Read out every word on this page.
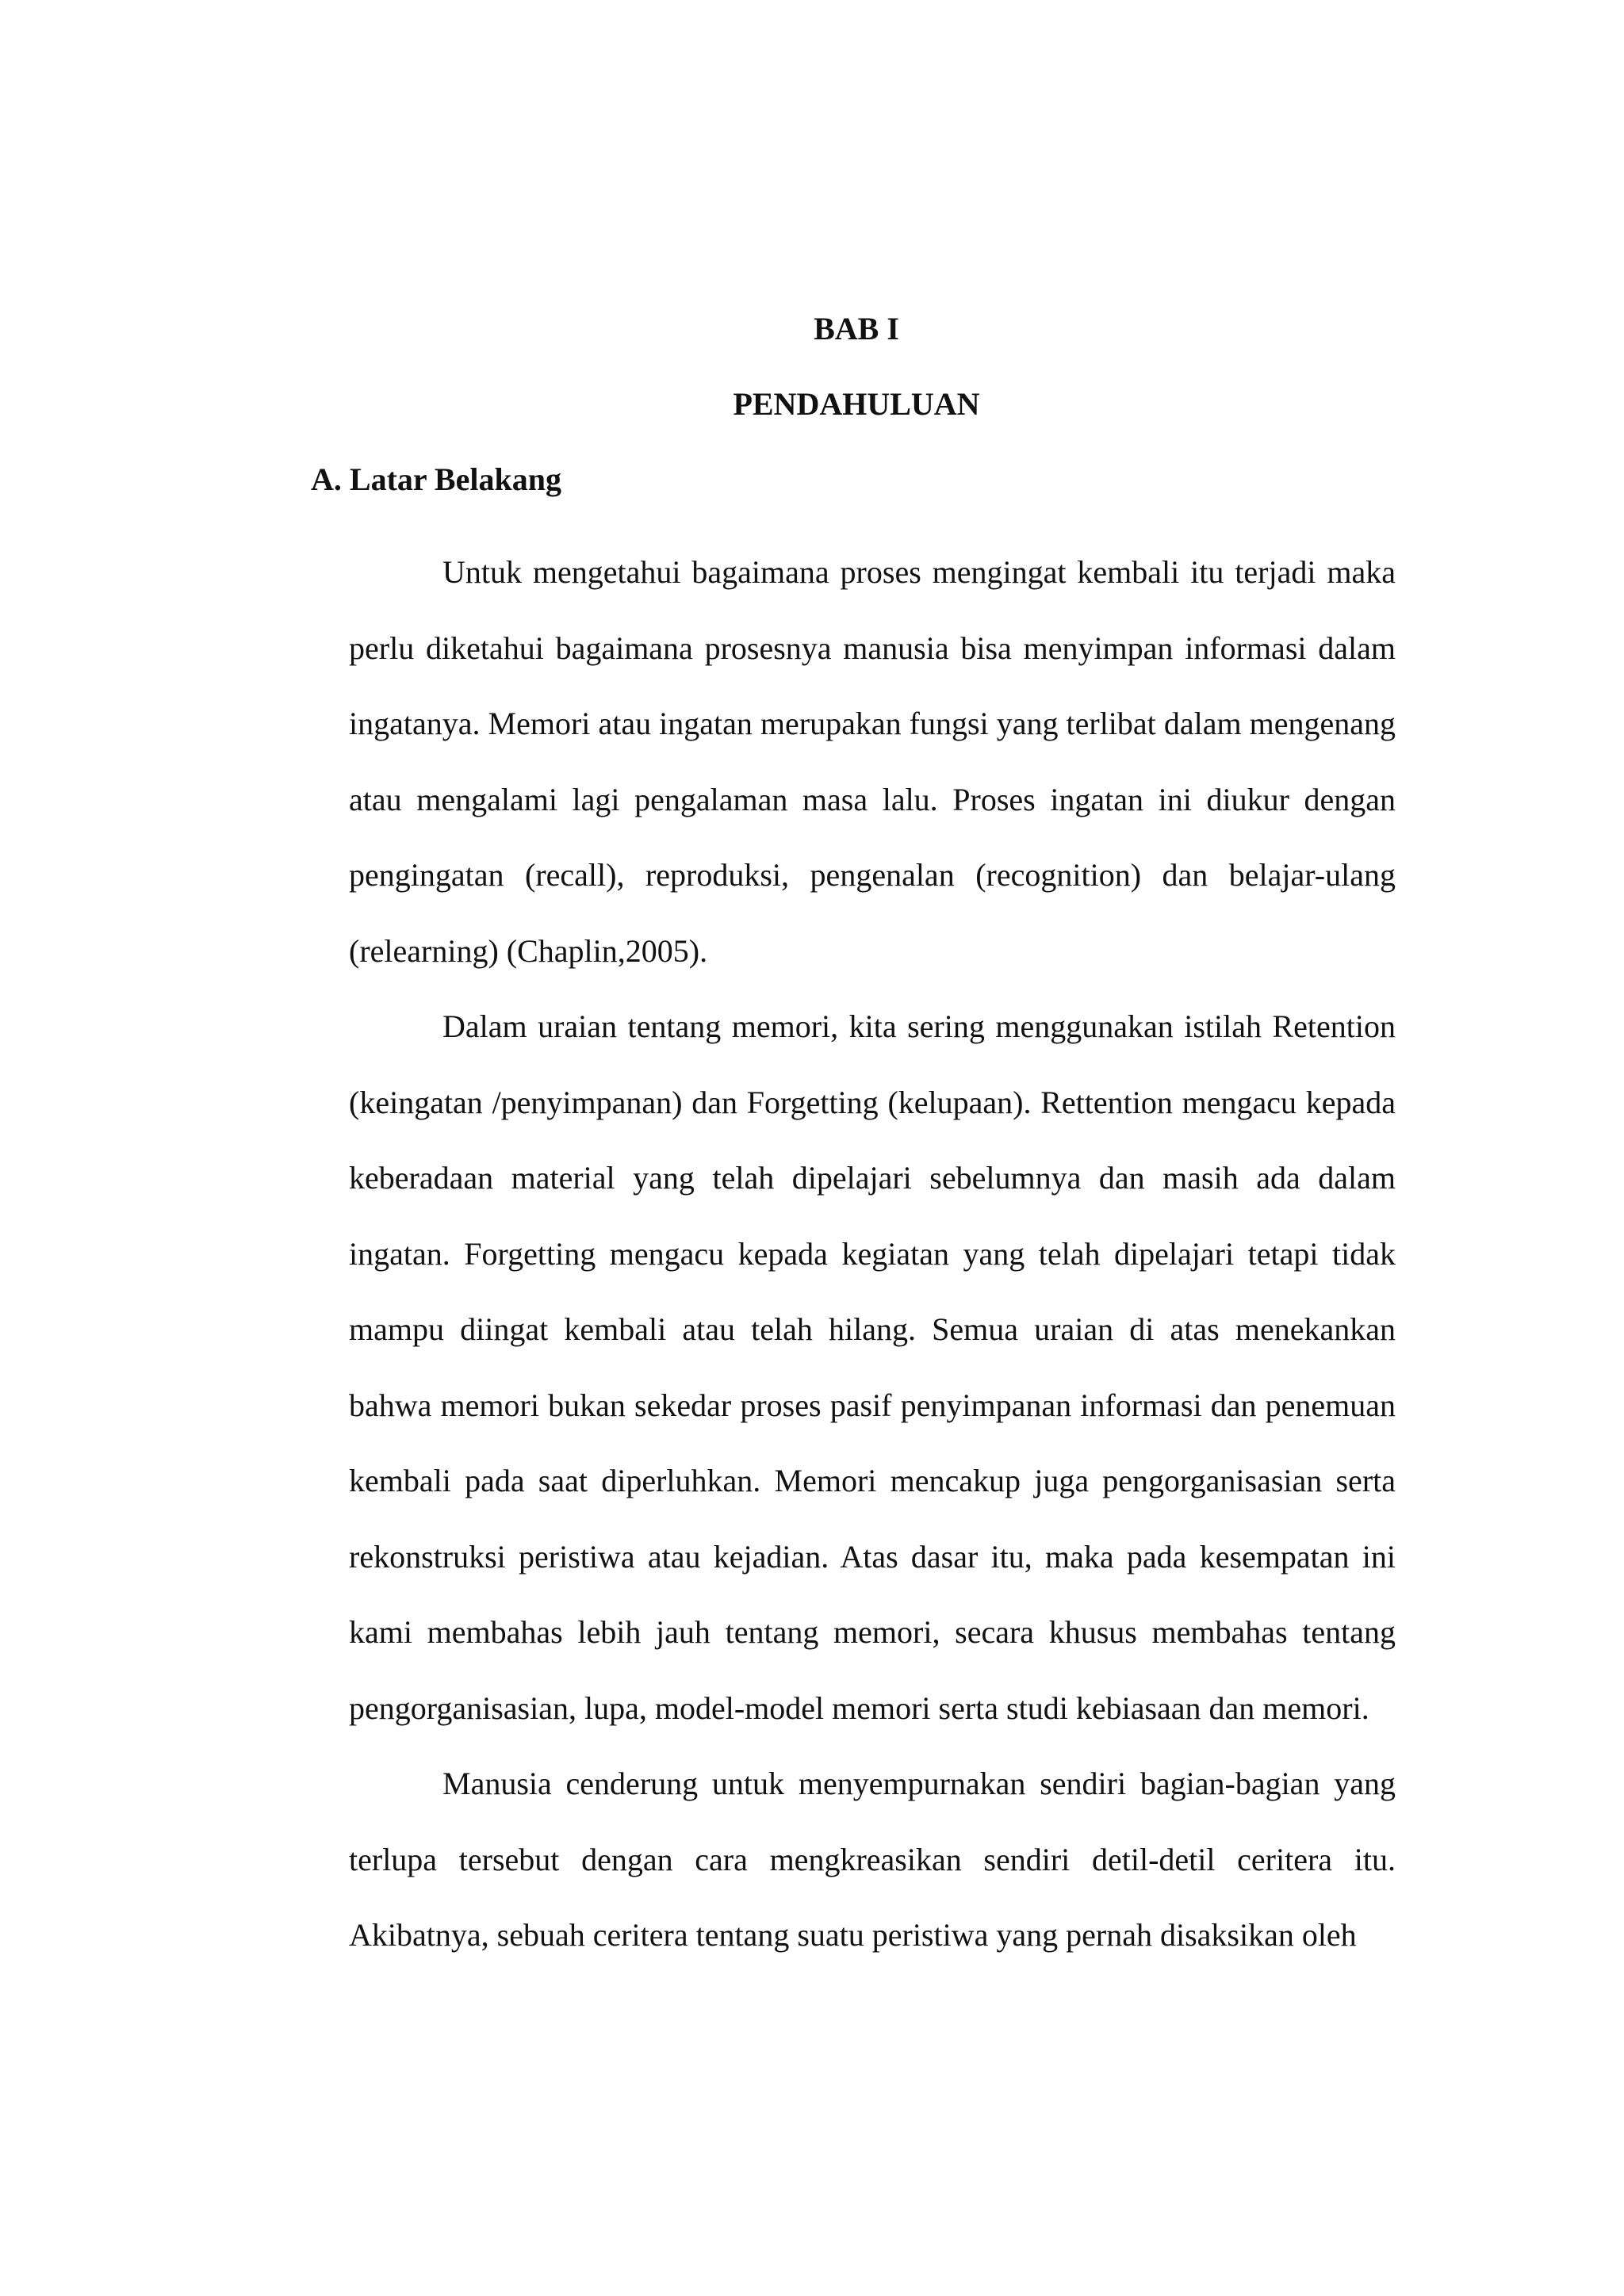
BAB I
PENDAHULUAN
A. Latar Belakang

Untuk mengetahui bagaimana proses mengingat kembali itu terjadi maka perlu diketahui bagaimana prosesnya manusia bisa menyimpan informasi dalam ingatanya. Memori atau ingatan merupakan fungsi yang terlibat dalam mengenang atau mengalami lagi pengalaman masa lalu. Proses ingatan ini diukur dengan pengingatan (recall), reproduksi, pengenalan (recognition) dan belajar-ulang (relearning) (Chaplin,2005).

Dalam uraian tentang memori, kita sering menggunakan istilah Retention (keingatan /penyimpanan) dan Forgetting (kelupaan). Rettention mengacu kepada keberadaan material yang telah dipelajari sebelumnya dan masih ada dalam ingatan. Forgetting mengacu kepada kegiatan yang telah dipelajari tetapi tidak mampu diingat kembali atau telah hilang. Semua uraian di atas menekankan bahwa memori bukan sekedar proses pasif penyimpanan informasi dan penemuan kembali pada saat diperluhkan. Memori mencakup juga pengorganisasian serta rekonstruksi peristiwa atau kejadian. Atas dasar itu, maka pada kesempatan ini kami membahas lebih jauh tentang memori, secara khusus membahas tentang pengorganisasian, lupa, model-model memori serta studi kebiasaan dan memori.

Manusia cenderung untuk menyempurnakan sendiri bagian-bagian yang terlupa tersebut dengan cara mengkreasikan sendiri detil-detil ceritera itu. Akibatnya, sebuah ceritera tentang suatu peristiwa yang pernah disaksikan oleh
